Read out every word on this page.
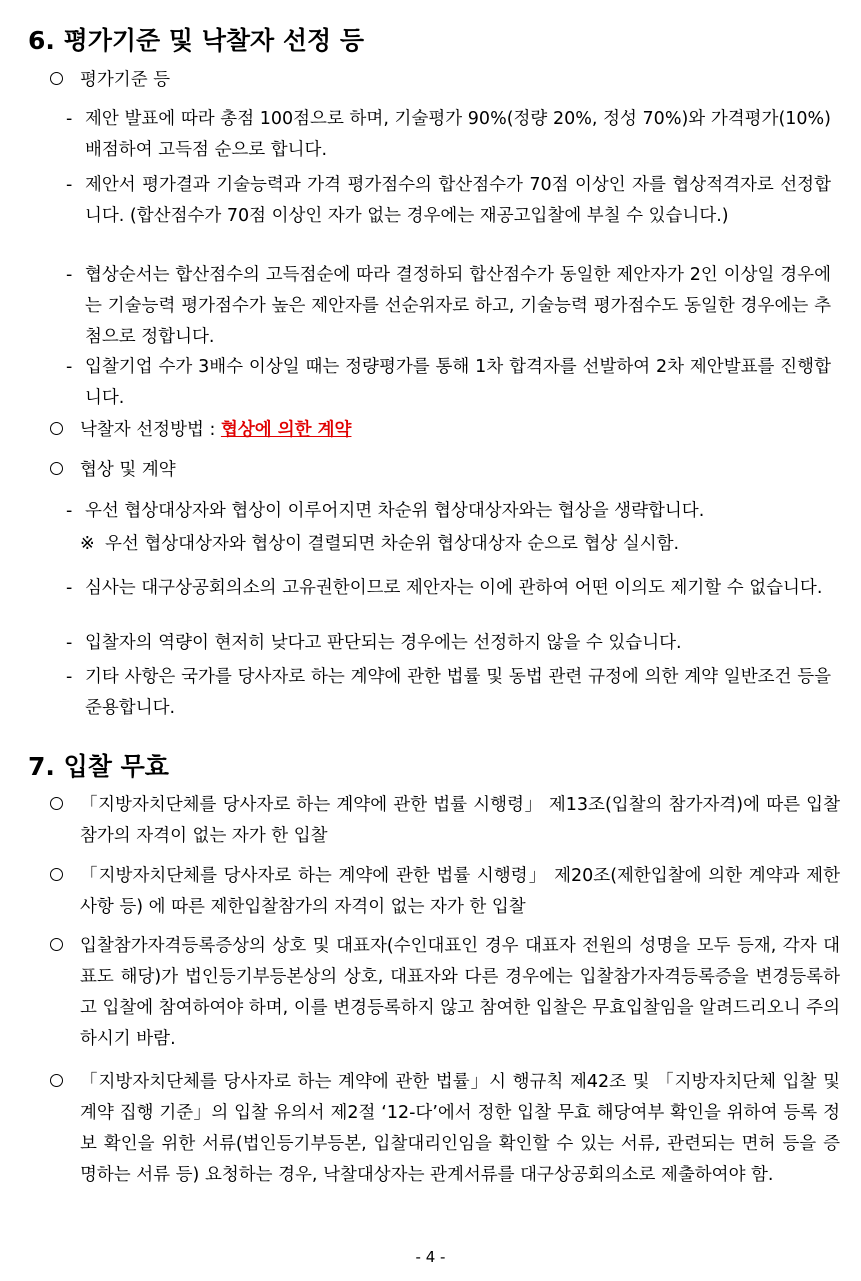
6. 평가기준 및 낙찰자 선정 등
평가기준 등
- 제안 발표에 따라 총점 100점으로 하며, 기술평가 90%(정량 20%, 정성 70%)와 가격평가(10%) 배점하여 고득점 순으로 합니다.
- 제안서 평가결과 기술능력과 가격 평가점수의 합산점수가 70점 이상인 자를 협상적격자로 선정합니다. (합산점수가 70점 이상인 자가 없는 경우에는 재공고입찰에 부칠 수 있습니다.)
- 협상순서는 합산점수의 고득점순에 따라 결정하되 합산점수가 동일한 제안자가 2인 이상일 경우에는 기술능력 평가점수가 높은 제안자를 선순위자로 하고, 기술능력 평가점수도 동일한 경우에는 추첨으로 정합니다.
- 입찰기업 수가 3배수 이상일 때는 정량평가를 통해 1차 합격자를 선발하여 2차 제안발표를 진행합니다.
낙찰자 선정방법 : 협상에 의한 계약
협상 및 계약
- 우선 협상대상자와 협상이 이루어지면 차순위 협상대상자와는 협상을 생략합니다.
※ 우선 협상대상자와 협상이 결렬되면 차순위 협상대상자 순으로 협상 실시함.
- 심사는 대구상공회의소의 고유권한이므로 제안자는 이에 관하여 어떤 이의도 제기할 수 없습니다.
- 입찰자의 역량이 현저히 낮다고 판단되는 경우에는 선정하지 않을 수 있습니다.
- 기타 사항은 국가를 당사자로 하는 계약에 관한 법률 및 동법 관련 규정에 의한 계약 일반조건 등을 준용합니다.
7. 입찰 무효
「지방자치단체를 당사자로 하는 계약에 관한 법률 시행령」 제13조(입찰의 참가자격)에 따른 입찰참가의 자격이 없는 자가 한 입찰
「지방자치단체를 당사자로 하는 계약에 관한 법률 시행령」 제20조(제한입찰에 의한 계약과 제한사항 등) 에 따른 제한입찰참가의 자격이 없는 자가 한 입찰
입찰참가자격등록증상의 상호 및 대표자(수인대표인 경우 대표자 전원의 성명을 모두 등재, 각자 대표도 해당)가 법인등기부등본상의 상호, 대표자와 다른 경우에는 입찰참가자격등록증을 변경등록하고 입찰에 참여하여야 하며, 이를 변경등록하지 않고 참여한 입찰은 무효입찰임을 알려드리오니 주의하시기 바람.
「지방자치단체를 당사자로 하는 계약에 관한 법률」시 행규칙 제42조 및 「지방자치단체 입찰 및 계약 집행 기준」의 입찰 유의서 제2절 ‘12-다’에서 정한 입찰 무효 해당여부 확인을 위하여 등록 정보 확인을 위한 서류(법인등기부등본, 입찰대리인임을 확인할 수 있는 서류, 관련되는 면허 등을 증명하는 서류 등) 요청하는 경우, 낙찰대상자는 관계서류를 대구상공회의소로 제출하여야 함.
- 4 -
